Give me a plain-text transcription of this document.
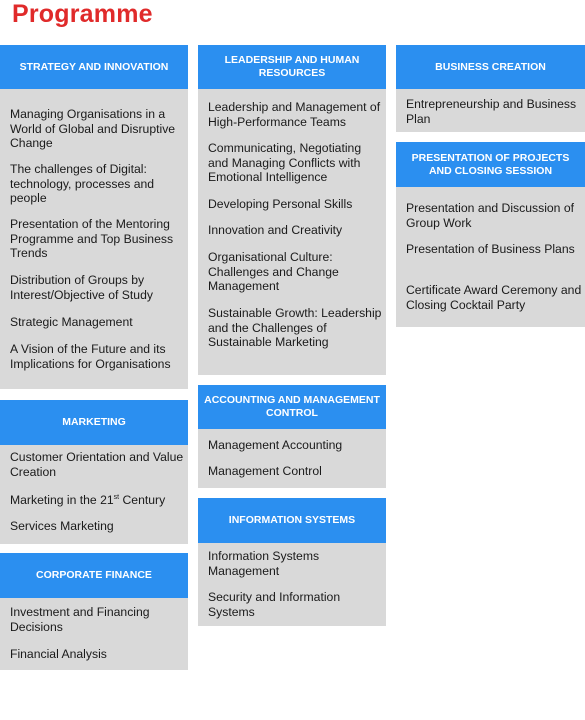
Programme
STRATEGY AND INNOVATION
Managing Organisations in a World of Global and Disruptive Change
The challenges of Digital: technology, processes and people
Presentation of the Mentoring Programme and Top Business Trends
Distribution of Groups by Interest/Objective of Study
Strategic Management
A Vision of the Future and its Implications for Organisations
MARKETING
Customer Orientation and Value Creation
Marketing in the 21st Century
Services Marketing
CORPORATE FINANCE
Investment and Financing Decisions
Financial Analysis
LEADERSHIP AND HUMAN RESOURCES
Leadership and Management of High-Performance Teams
Communicating, Negotiating and Managing Conflicts with Emotional Intelligence
Developing Personal Skills
Innovation and Creativity
Organisational Culture: Challenges and Change Management
Sustainable Growth: Leadership and the Challenges of Sustainable Marketing
ACCOUNTING AND MANAGEMENT CONTROL
Management Accounting
Management Control
INFORMATION SYSTEMS
Information Systems Management
Security and Information Systems
BUSINESS CREATION
Entrepreneurship and Business Plan
PRESENTATION OF PROJECTS AND CLOSING SESSION
Presentation and Discussion of Group Work
Presentation of Business Plans
Certificate Award Ceremony and Closing Cocktail Party
